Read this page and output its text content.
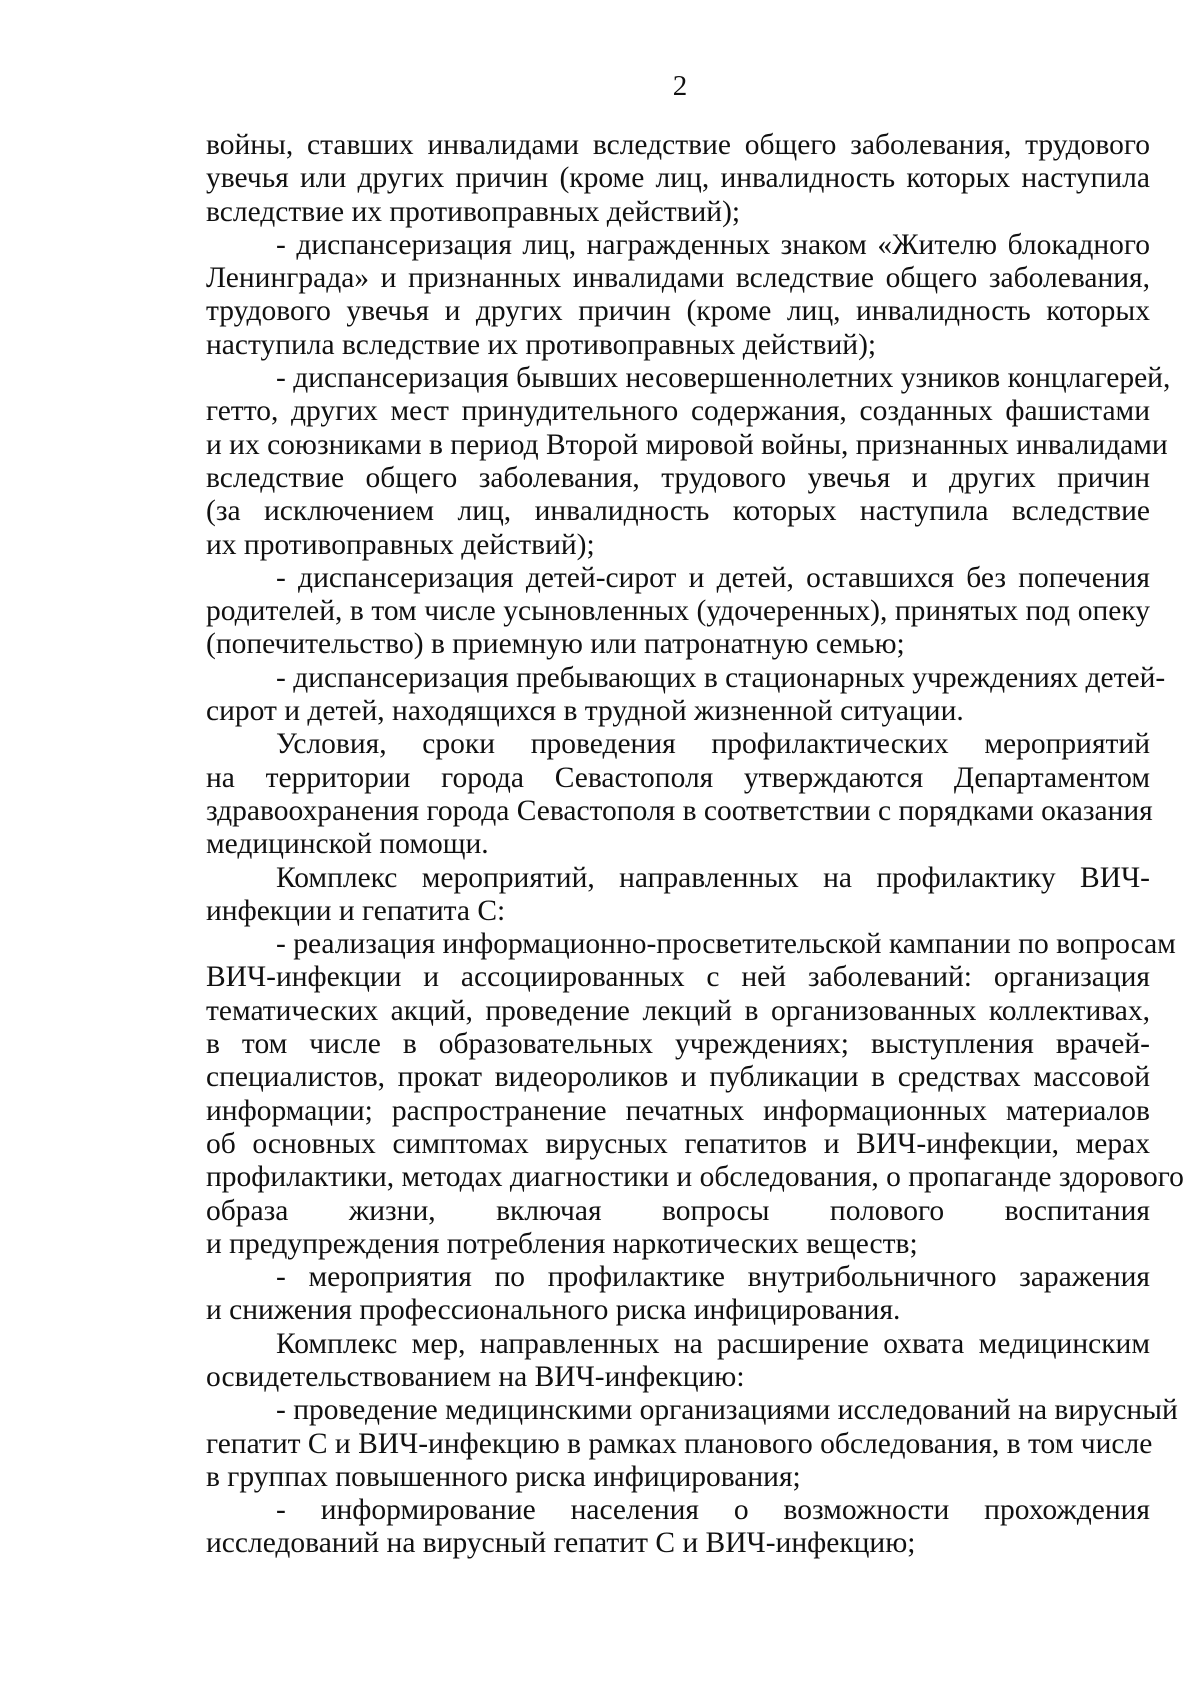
2
войны, ставших инвалидами вследствие общего заболевания, трудового
увечья или других причин (кроме лиц, инвалидность которых наступила
вследствие их противоправных действий);
- диспансеризация лиц, награжденных знаком «Жителю блокадного
Ленинграда» и признанных инвалидами вследствие общего заболевания,
трудового увечья и других причин (кроме лиц, инвалидность которых
наступила вследствие их противоправных действий);
- диспансеризация бывших несовершеннолетних узников концлагерей,
гетто, других мест принудительного содержания, созданных фашистами
и их союзниками в период Второй мировой войны, признанных инвалидами
вследствие общего заболевания, трудового увечья и других причин
(за исключением лиц, инвалидность которых наступила вследствие
их противоправных действий);
- диспансеризация детей-сирот и детей, оставшихся без попечения
родителей, в том числе усыновленных (удочеренных), принятых под опеку
(попечительство) в приемную или патронатную семью;
- диспансеризация пребывающих в стационарных учреждениях детей-
сирот и детей, находящихся в трудной жизненной ситуации.
Условия, сроки проведения профилактических мероприятий
на территории города Севастополя утверждаются Департаментом
здравоохранения города Севастополя в соответствии с порядками оказания
медицинской помощи.
Комплекс мероприятий, направленных на профилактику ВИЧ-
инфекции и гепатита С:
- реализация информационно-просветительской кампании по вопросам
ВИЧ-инфекции и ассоциированных с ней заболеваний: организация
тематических акций, проведение лекций в организованных коллективах,
в том числе в образовательных учреждениях; выступления врачей-
специалистов, прокат видеороликов и публикации в средствах массовой
информации; распространение печатных информационных материалов
об основных симптомах вирусных гепатитов и ВИЧ-инфекции, мерах
профилактики, методах диагностики и обследования, о пропаганде здорового
образа жизни, включая вопросы полового воспитания
и предупреждения потребления наркотических веществ;
- мероприятия по профилактике внутрибольничного заражения
и снижения профессионального риска инфицирования.
Комплекс мер, направленных на расширение охвата медицинским
освидетельствованием на ВИЧ-инфекцию:
- проведение медицинскими организациями исследований на вирусный
гепатит С и ВИЧ-инфекцию в рамках планового обследования, в том числе
в группах повышенного риска инфицирования;
- информирование населения о возможности прохождения
исследований на вирусный гепатит С и ВИЧ-инфекцию;
